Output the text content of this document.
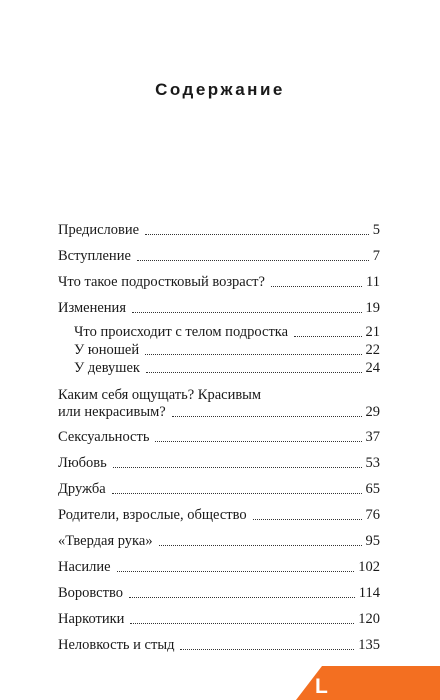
Содержание
Предисловие	5
Вступление	7
Что такое подростковый возраст?	11
Изменения	19
Что происходит с телом подростка	21
У юношей	22
У девушек	24
Каким себя ощущать? Красивым
или некрасивым?	29
Сексуальность	37
Любовь	53
Дружба	65
Родители, взрослые, общество	76
«Твердая рука»	95
Насилие	102
Воровство	114
Наркотики	120
Неловкость и стыд	135
L
